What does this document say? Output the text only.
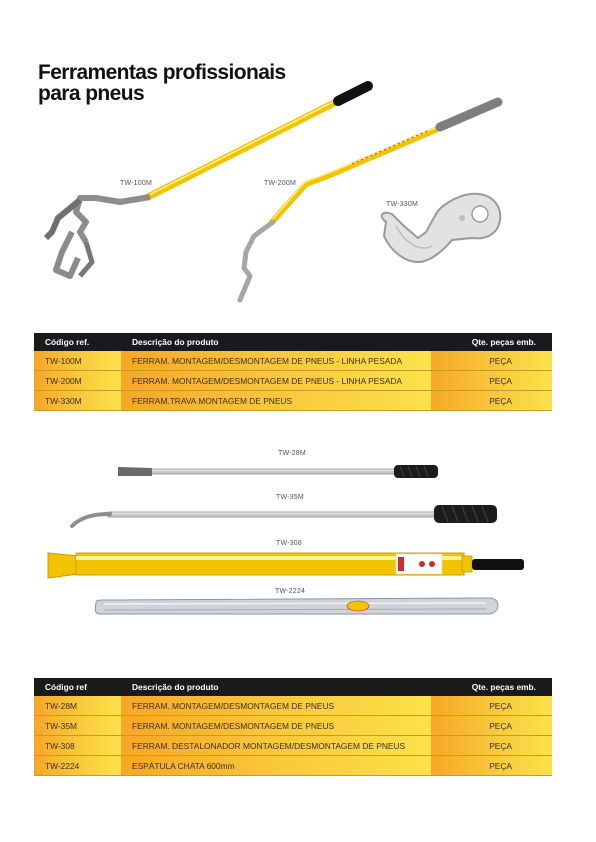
Ferramentas profissionais
para pneus
TW-100M	TW-200M
TW-330M
Código ref.	Descrição do produto	Qte. peças emb.
TW-100M	FERRAM. MONTAGEM/DESMONTAGEM DE PNEUS - LINHA PESADA	PEÇA
TW-200M	FERRAM. MONTAGEM/DESMONTAGEM DE PNEUS - LINHA PESADA	PEÇA
TW-330M	FERRAM.TRAVA MONTAGEM DE PNEUS	PEÇA
TW-28M
TW-35M
TW-308
TW-2224
Código ref	Descrição do produto	Qte. peças emb.
TW-28M	FERRAM. MONTAGEM/DESMONTAGEM DE PNEUS	PEÇA
TW-35M	FERRAM. MONTAGEM/DESMONTAGEM DE PNEUS	PEÇA
TW-308	FERRAM. DESTALONADOR MONTAGEM/DESMONTAGEM DE PNEUS	PEÇA
TW-2224	ESPÁTULA CHATA 600mm	PEÇA
